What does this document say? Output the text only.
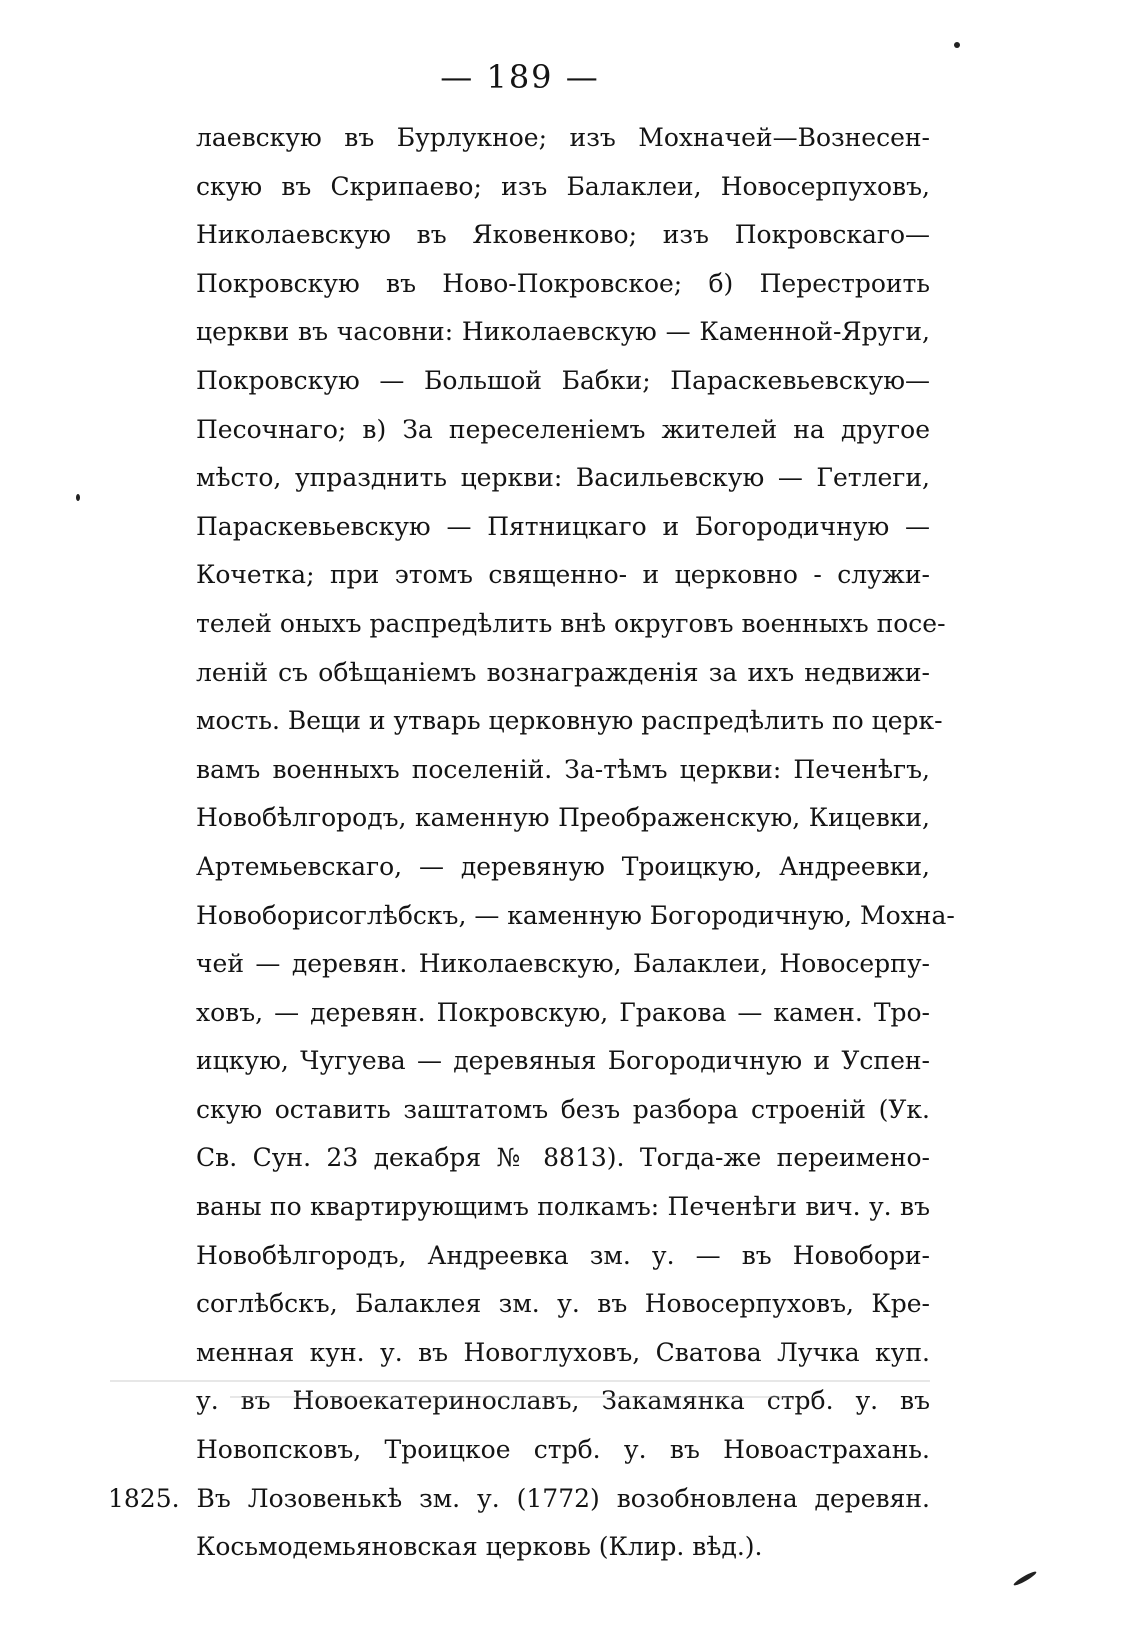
— 189 —
лаевскую въ Бурлукное; изъ Мохначей—Вознесен-
скую въ Скрипаево; изъ Балаклеи, Новосерпуховъ,
Николаевскую въ Яковенково; изъ Покровскаго—
Покровскую въ Ново-Покровское; б) Перестроить
церкви въ часовни: Николаевскую — Каменной-Яруги,
Покровскую — Большой Бабки; Параскевьевскую—
Песочнаго; в) За переселеніемъ жителей на другое
мѣсто, упразднить церкви: Васильевскую — Гетлеги,
Параскевьевскую — Пятницкаго и Богородичную —
Кочетка; при этомъ священно- и церковно - служи-
телей оныхъ распредѣлить внѣ округовъ военныхъ посе-
леній съ обѣщаніемъ вознагражденія за ихъ недвижи-
мость. Вещи и утварь церковную распредѣлить по церк-
вамъ военныхъ поселеній. За-тѣмъ церкви: Печенѣгъ,
Новобѣлгородъ, каменную Преображенскую, Кицевки,
Артемьевскаго, — деревяную Троицкую, Андреевки,
Новоборисоглѣбскъ, — каменную Богородичную, Мохна-
чей — деревян. Николаевскую, Балаклеи, Новосерпу-
ховъ, — деревян. Покровскую, Гракова — камен. Тро-
ицкую, Чугуева — деревяныя Богородичную и Успен-
скую оставить заштатомъ безъ разбора строеній (Ук.
Св. Сун. 23 декабря № 8813). Тогда-же переимено-
ваны по квартирующимъ полкамъ: Печенѣги вич. у. въ
Новобѣлгородъ, Андреевка зм. у. — въ Новобори-
соглѣбскъ, Балаклея зм. у. въ Новосерпуховъ, Кре-
менная кун. у. въ Новоглуховъ, Сватова Лучка куп.
у. въ Новоекатеринославъ, Закамянка стрб. у. въ
Новопсковъ, Троицкое стрб. у. въ Новоастрахань.
1825. Въ Лозовенькѣ зм. у. (1772) возобновлена деревян.
Косьмодемьяновская церковь (Клир. вѣд.).
